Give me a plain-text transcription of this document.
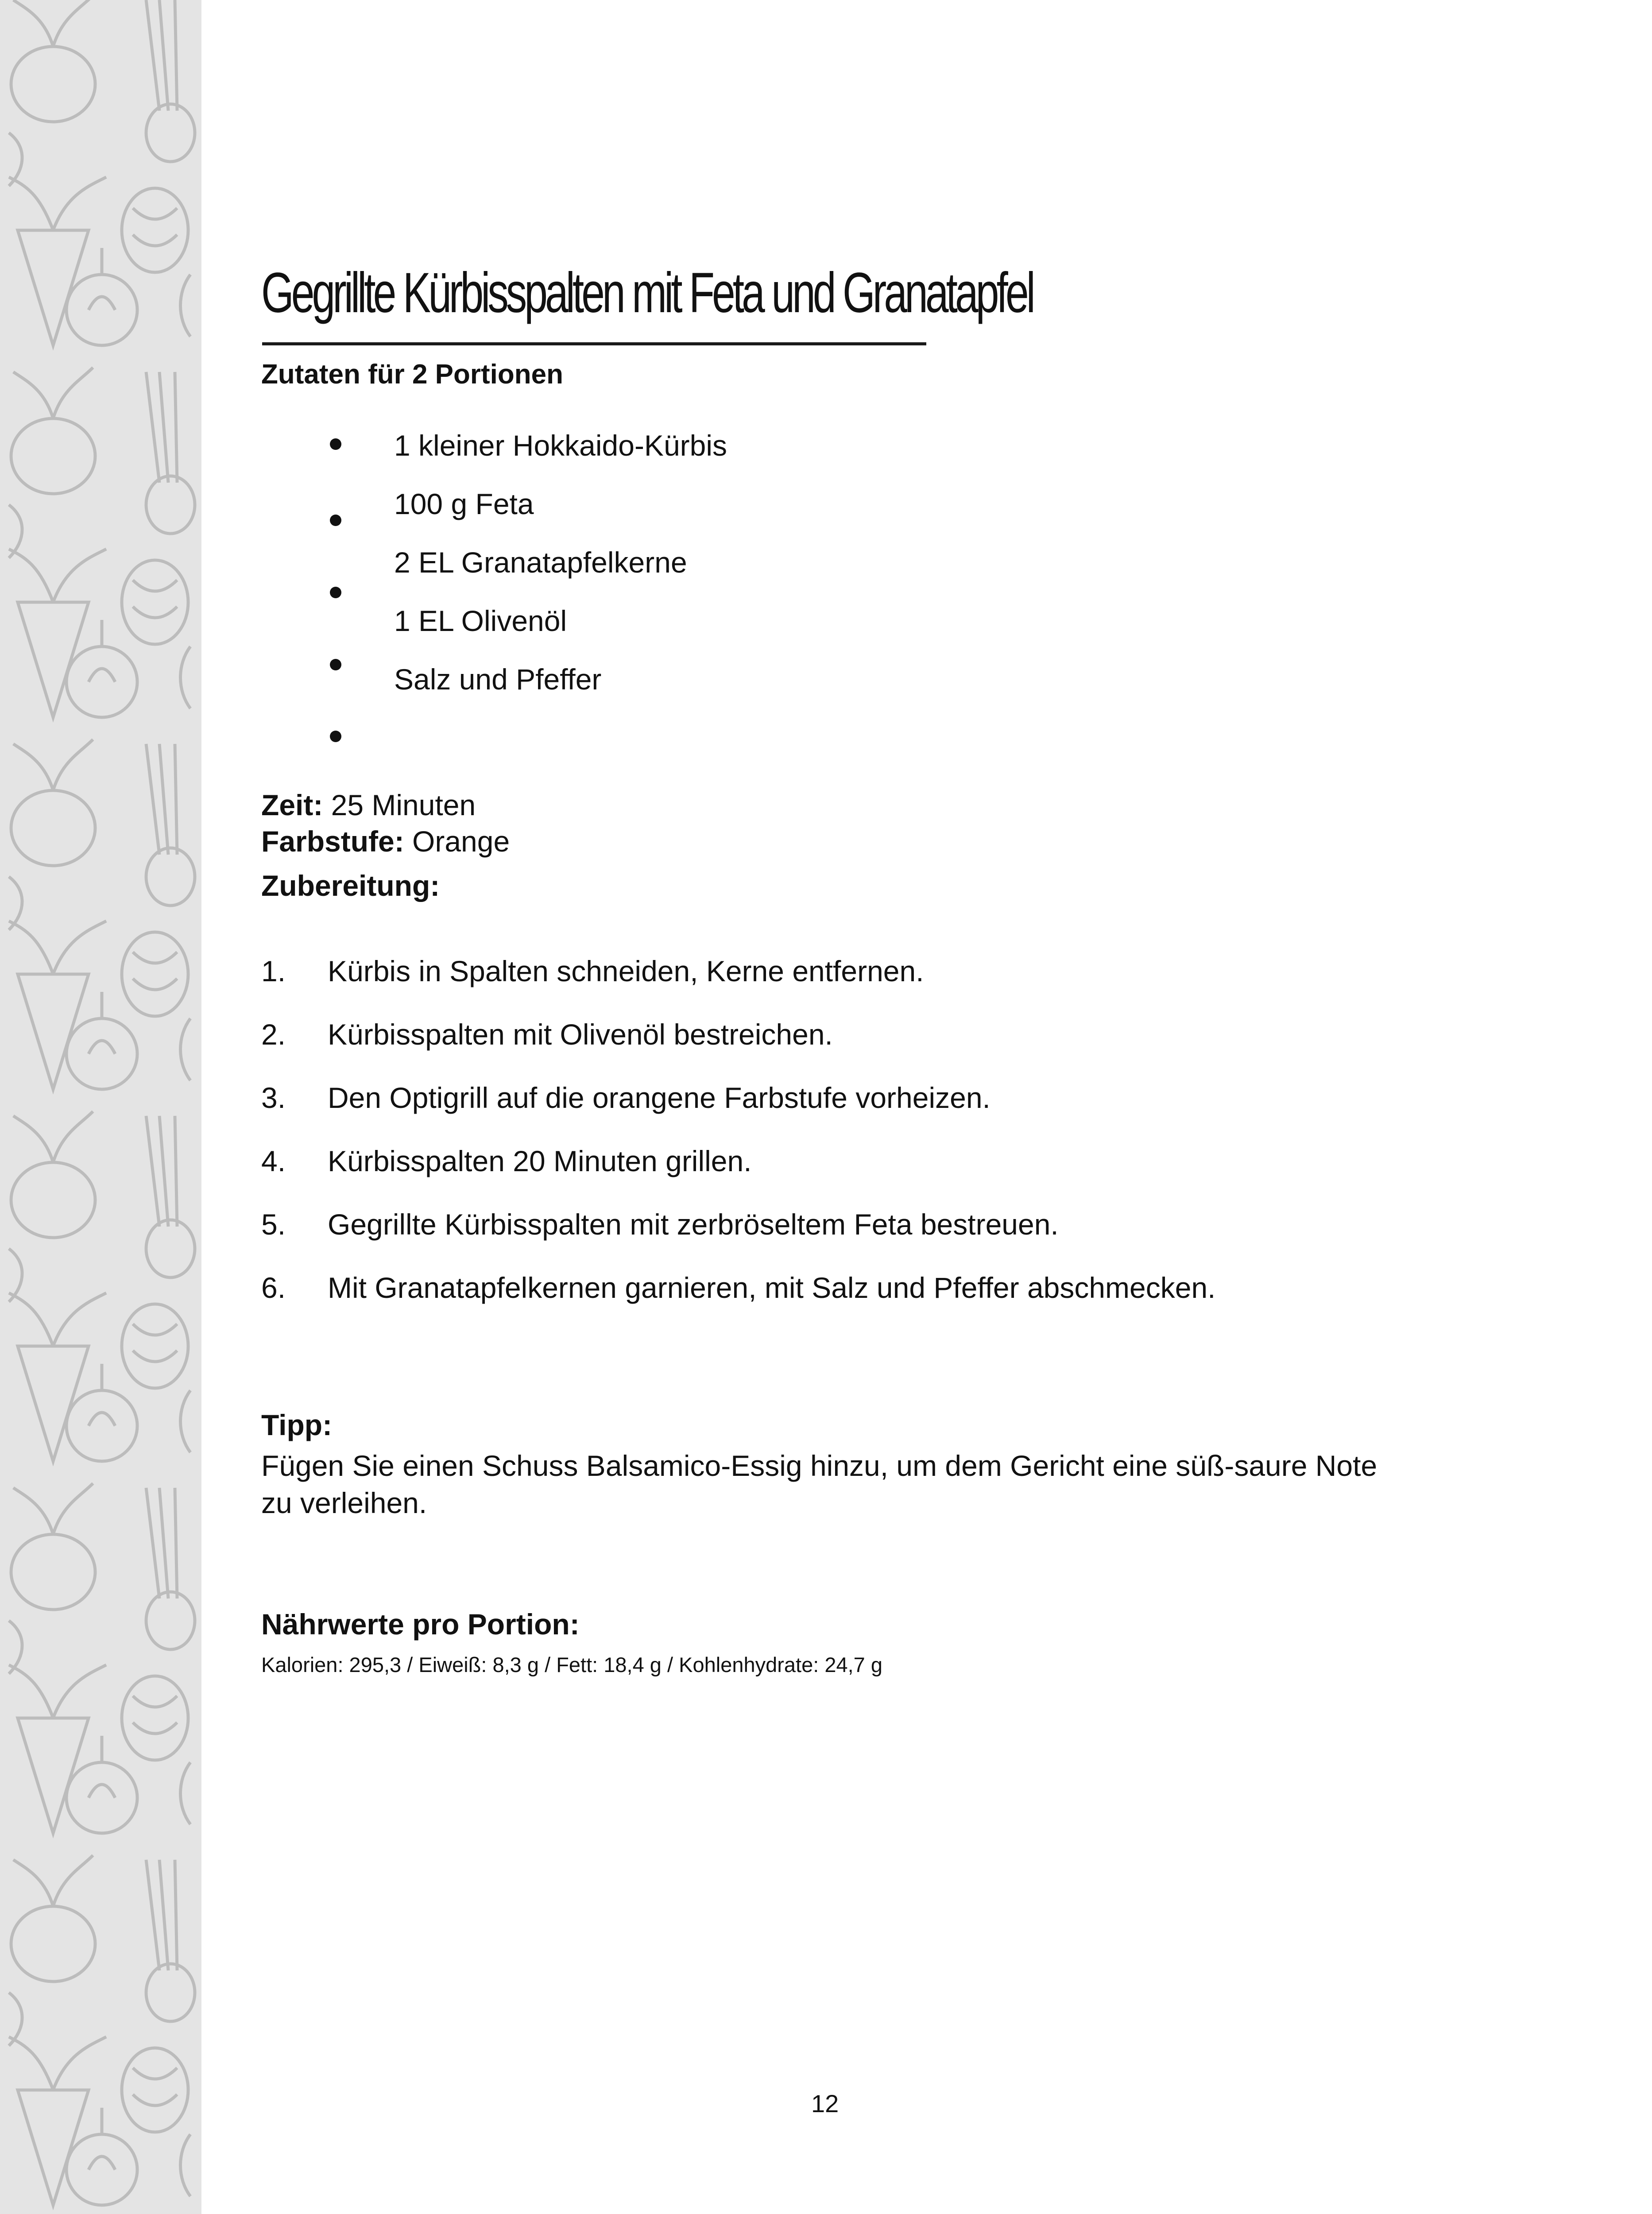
Gegrillte Kürbisspalten mit Feta und Granatapfel
Zutaten für 2 Portionen
1 kleiner Hokkaido-Kürbis
100 g Feta
2 EL Granatapfelkerne
1 EL Olivenöl
Salz und Pfeffer
Zeit: 25 Minuten
Farbstufe: Orange
Zubereitung:
1. Kürbis in Spalten schneiden, Kerne entfernen.
2. Kürbisspalten mit Olivenöl bestreichen.
3. Den Optigrill auf die orangene Farbstufe vorheizen.
4. Kürbisspalten 20 Minuten grillen.
5. Gegrillte Kürbisspalten mit zerbröseltem Feta bestreuen.
6. Mit Granatapfelkernen garnieren, mit Salz und Pfeffer abschmecken.
Tipp:
Fügen Sie einen Schuss Balsamico-Essig hinzu, um dem Gericht eine süß-saure Note zu verleihen.
Nährwerte pro Portion:
Kalorien: 295,3 / Eiweiß: 8,3 g / Fett: 18,4 g / Kohlenhydrate: 24,7 g
12
